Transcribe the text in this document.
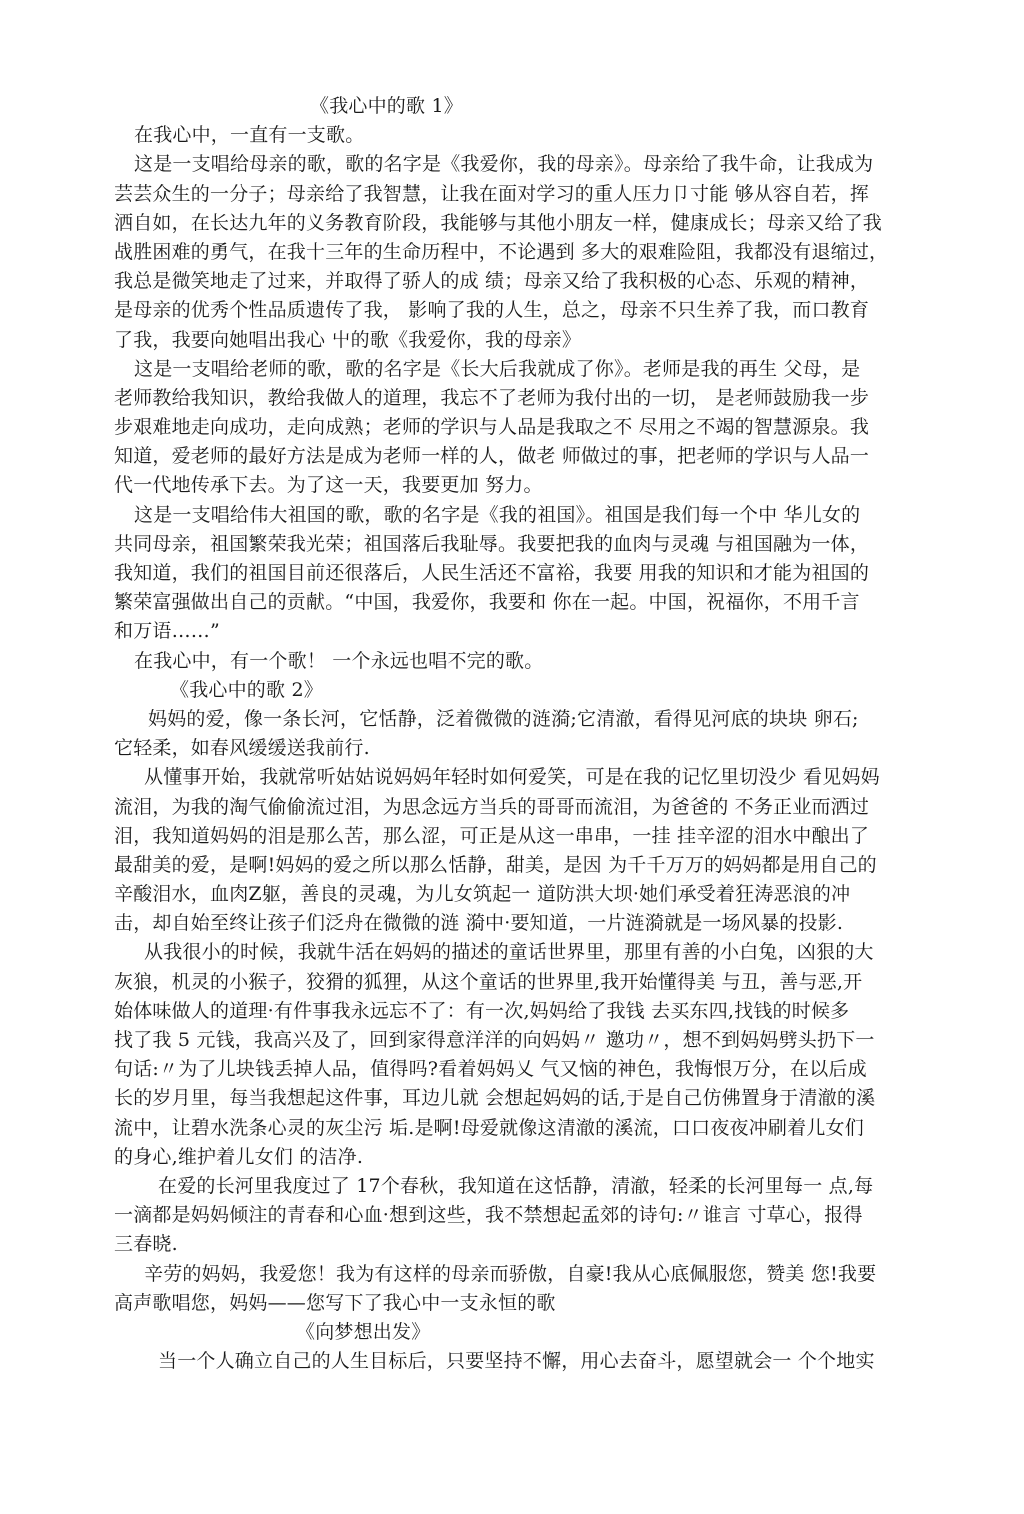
《我心中的歌 1》
在我心中，一直有一支歌。
这是一支唱给母亲的歌，歌的名字是《我爱你，我的母亲》。母亲给了我牛命，让我成为
芸芸众生的一分子；母亲给了我智慧，让我在面对学习的重人压力卩寸能 够从容自若，挥
洒自如，在长达九年的义务教育阶段，我能够与其他小朋友一样，健康成长；母亲又给了我
战胜困难的勇气，在我十三年的生命历程中，不论遇到 多大的艰难险阻，我都没有退缩过，
我总是微笑地走了过来，并取得了骄人的成 绩；母亲又给了我积极的心态、乐观的精神，
是母亲的优秀个性品质遗传了我， 影响了我的人生，总之，母亲不只生养了我，而口教育
了我，我要向她唱出我心 屮的歌《我爱你，我的母亲》
这是一支唱给老师的歌，歌的名字是《长大后我就成了你》。老师是我的再生 父母，是
老师教给我知识，教给我做人的道理，我忘不了老师为我付出的一切， 是老师鼓励我一步
步艰难地走向成功，走向成熟；老师的学识与人品是我取之不 尽用之不竭的智慧源泉。我
知道，爱老师的最好方法是成为老师一样的人，做老 师做过的事，把老师的学识与人品一
代一代地传承下去。为了这一天，我要更加 努力。
这是一支唱给伟大祖国的歌，歌的名字是《我的祖国》。祖国是我们每一个中 华儿女的
共同母亲，祖国繁荣我光荣；祖国落后我耻辱。我要把我的血肉与灵魂 与祖国融为一体，
我知道，我们的祖国目前还很落后，人民生活还不富裕，我要 用我的知识和才能为祖国的
繁荣富强做出自己的贡献。“中国，我爱你，我要和 你在一起。中国，祝福你，不用千言
和万语……”
在我心中，有一个歌！ 一个永远也唱不完的歌。
《我心中的歌 2》
妈妈的爱，像一条长河，它恬静，泛着微微的涟漪;它清澈，看得见河底的块块 卵石;
它轻柔，如春风缓缓送我前行.
从懂事开始，我就常听姑姑说妈妈年轻时如何爱笑，可是在我的记忆里切没少 看见妈妈
流泪，为我的淘气偷偷流过泪，为思念远方当兵的哥哥而流泪，为爸爸的 不务正业而洒过
泪，我知道妈妈的泪是那么苦，那么涩，可正是从这一串串，一挂 挂辛涩的泪水中酿出了
最甜美的爱，是啊!妈妈的爱之所以那么恬静，甜美，是因 为千千万万的妈妈都是用自己的
辛酸泪水，血肉Ζ躯，善良的灵魂，为儿女筑起一 道防洪大坝·她们承受着狂涛恶浪的冲
击，却自始至终让孩子们泛舟在微微的涟 漪中·要知道，一片涟漪就是一场风暴的投影.
从我很小的时候，我就牛活在妈妈的描述的童话世界里，那里有善的小白兔，凶狠的大
灰狼，机灵的小猴子，狡猾的狐狸，从这个童话的世界里,我开始懂得美 与丑，善与恶,开
始体味做人的道理·有件事我永远忘不了：有一次,妈妈给了我钱 去买东四,找钱的时候多
找了我 5 元钱，我高兴及了，回到家得意洋洋的向妈妈〃 邀功〃，想不到妈妈劈头扔下一
句话:〃为了儿块钱丢掉人品，值得吗?看着妈妈乂 气又恼的神色，我悔恨万分，在以后成
长的岁月里，每当我想起这件事，耳边儿就 会想起妈妈的话,于是自己仿佛置身于清澈的溪
流中，让碧水洗条心灵的灰尘污 垢.是啊!母爱就像这清澈的溪流，口口夜夜冲刷着儿女们
的身心,维护着儿女们 的洁净.
在爱的长河里我度过了 17个春秋，我知道在这恬静，清澈，轻柔的长河里每一 点,每
一滴都是妈妈倾注的青春和心血·想到这些，我不禁想起孟郊的诗句:〃谁言 寸草心，报得
三春晓.
辛劳的妈妈，我爱您！我为有这样的母亲而骄傲，自豪!我从心底佩服您，赞美 您!我要
高声歌唱您，妈妈——您写下了我心中一支永恒的歌
《向梦想出发》
当一个人确立自己的人生目标后，只要坚持不懈，用心去奋斗，愿望就会一 个个地实
